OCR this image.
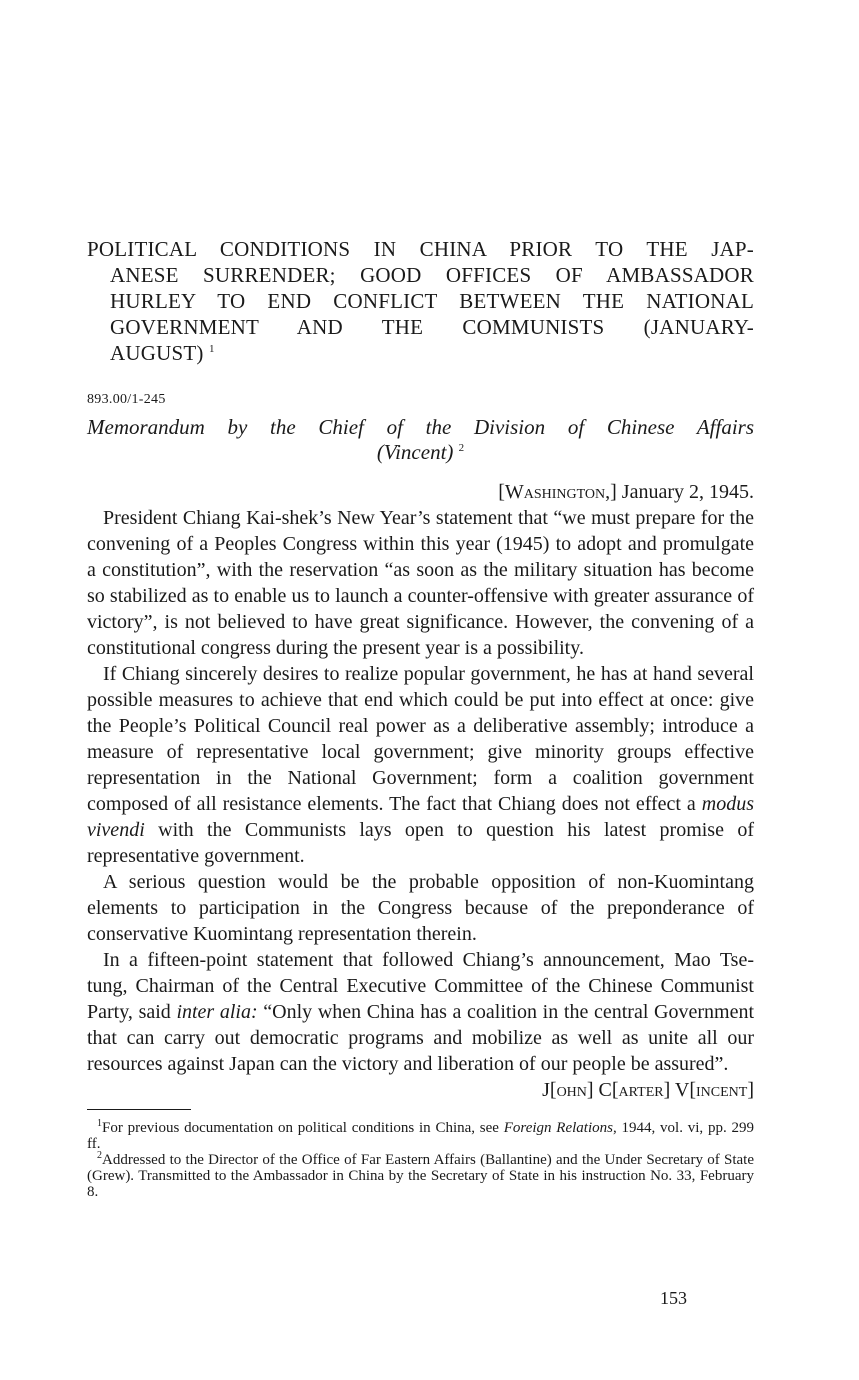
POLITICAL CONDITIONS IN CHINA PRIOR TO THE JAP-
ANESE SURRENDER; GOOD OFFICES OF AMBASSADOR
HURLEY TO END CONFLICT BETWEEN THE NATIONAL
GOVERNMENT AND THE COMMUNISTS (JANUARY-
AUGUST) $^1$
893.00/1-245
Memorandum by the Chief of the Division of Chinese Affairs
(Vincent) $^2$
[Washington,] January 2, 1945.

President Chiang Kai-shek’s New Year’s statement that “we must prepare for the convening of a Peoples Congress within this year (1945) to adopt and promulgate a constitution”, with the reservation “as soon as the military situation has become so stabilized as to enable us to launch a counter-offensive with greater assurance of victory”, is not believed to have great significance. However, the convening of a constitutional congress during the present year is a possibility.

If Chiang sincerely desires to realize popular government, he has at hand several possible measures to achieve that end which could be put into effect at once: give the People’s Political Council real power as a deliberative assembly; introduce a measure of representative local government; give minority groups effective representation in the National Government; form a coalition government composed of all resistance elements. The fact that Chiang does not effect a modus vivendi with the Communists lays open to question his latest promise of representative government.

A serious question would be the probable opposition of non-Kuomintang elements to participation in the Congress because of the preponderance of conservative Kuomintang representation therein.

In a fifteen-point statement that followed Chiang’s announcement, Mao Tse-tung, Chairman of the Central Executive Committee of the Chinese Communist Party, said inter alia: “Only when China has a coalition in the central Government that can carry out democratic programs and mobilize as well as unite all our resources against Japan can the victory and liberation of our people be assured”.

J[ohn] C[arter] V[incent]

$^1$For previous documentation on political conditions in China, see Foreign Relations, 1944, vol. vi, pp. 299 ff.

$^2$Addressed to the Director of the Office of Far Eastern Affairs (Ballantine) and the Under Secretary of State (Grew). Transmitted to the Ambassador in China by the Secretary of State in his instruction No. 33, February 8.

153
